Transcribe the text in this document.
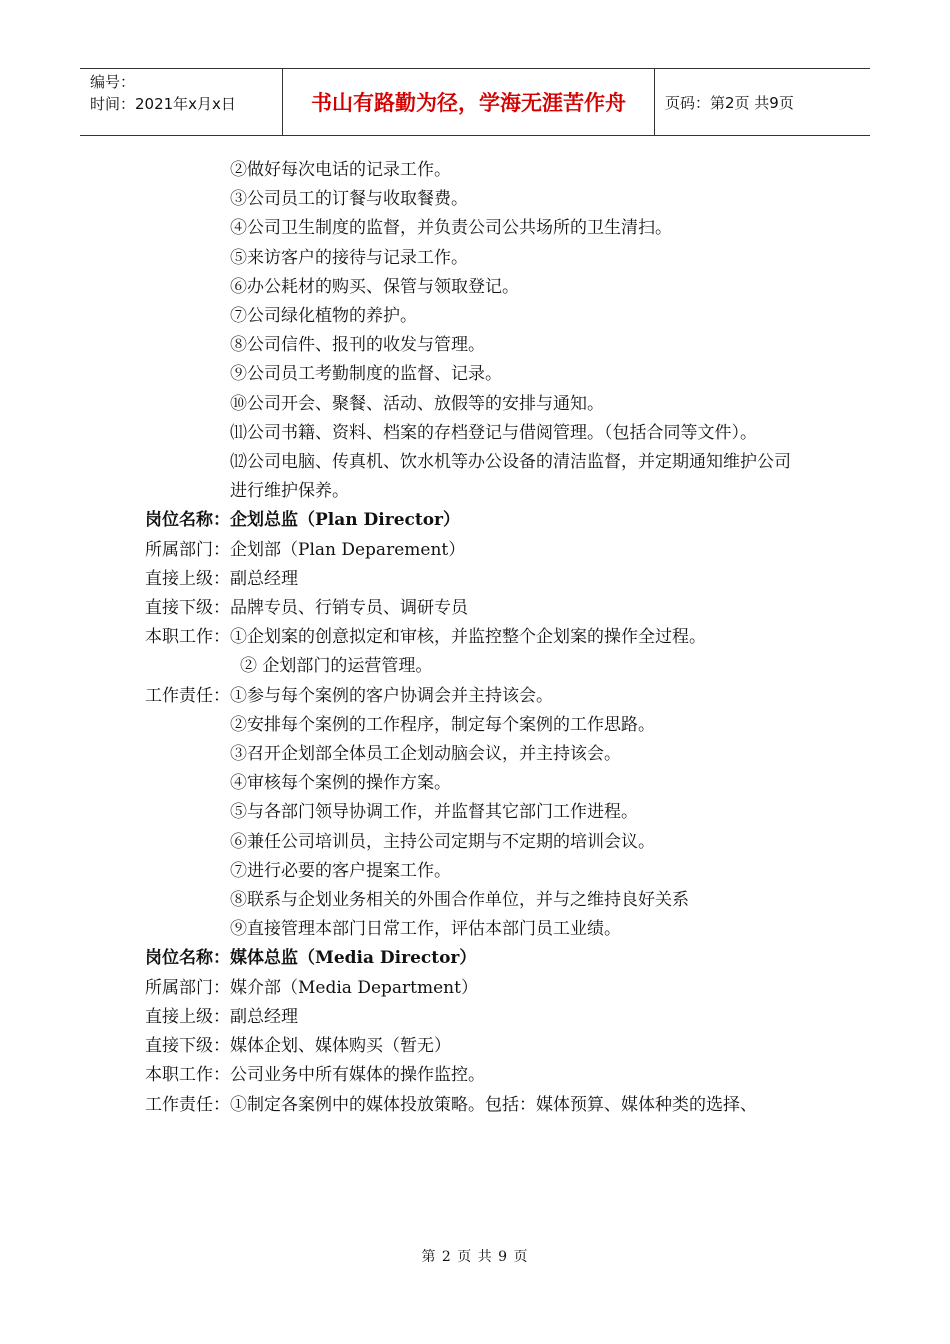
编号：
时间：2021年x月x日	书山有路勤为径，学海无涯苦作舟	页码：第2页 共9页
②做好每次电话的记录工作。
③公司员工的订餐与收取餐费。
④公司卫生制度的监督，并负责公司公共场所的卫生清扫。
⑤来访客户的接待与记录工作。
⑥办公耗材的购买、保管与领取登记。
⑦公司绿化植物的养护。
⑧公司信件、报刊的收发与管理。
⑨公司员工考勤制度的监督、记录。
⑩公司开会、聚餐、活动、放假等的安排与通知。
⑾公司书籍、资料、档案的存档登记与借阅管理。（包括合同等文件）。
⑿公司电脑、传真机、饮水机等办公设备的清洁监督，并定期通知维护公司进行维护保养。
岗位名称：企划总监（Plan Director）
所属部门：企划部（Plan Deparement）
直接上级：副总经理
直接下级：品牌专员、行销专员、调研专员
本职工作：①企划案的创意拟定和审核，并监控整个企划案的操作全过程。
② 企划部门的运营管理。
工作责任：①参与每个案例的客户协调会并主持该会。
②安排每个案例的工作程序，制定每个案例的工作思路。
③召开企划部全体员工企划动脑会议，并主持该会。
④审核每个案例的操作方案。
⑤与各部门领导协调工作，并监督其它部门工作进程。
⑥兼任公司培训员，主持公司定期与不定期的培训会议。
⑦进行必要的客户提案工作。
⑧联系与企划业务相关的外围合作单位，并与之维持良好关系
⑨直接管理本部门日常工作，评估本部门员工业绩。
岗位名称：媒体总监（Media Director）
所属部门：媒介部（Media Department）
直接上级：副总经理
直接下级：媒体企划、媒体购买（暂无）
本职工作：公司业务中所有媒体的操作监控。
工作责任：①制定各案例中的媒体投放策略。包括：媒体预算、媒体种类的选择、
第 2 页 共 9 页
